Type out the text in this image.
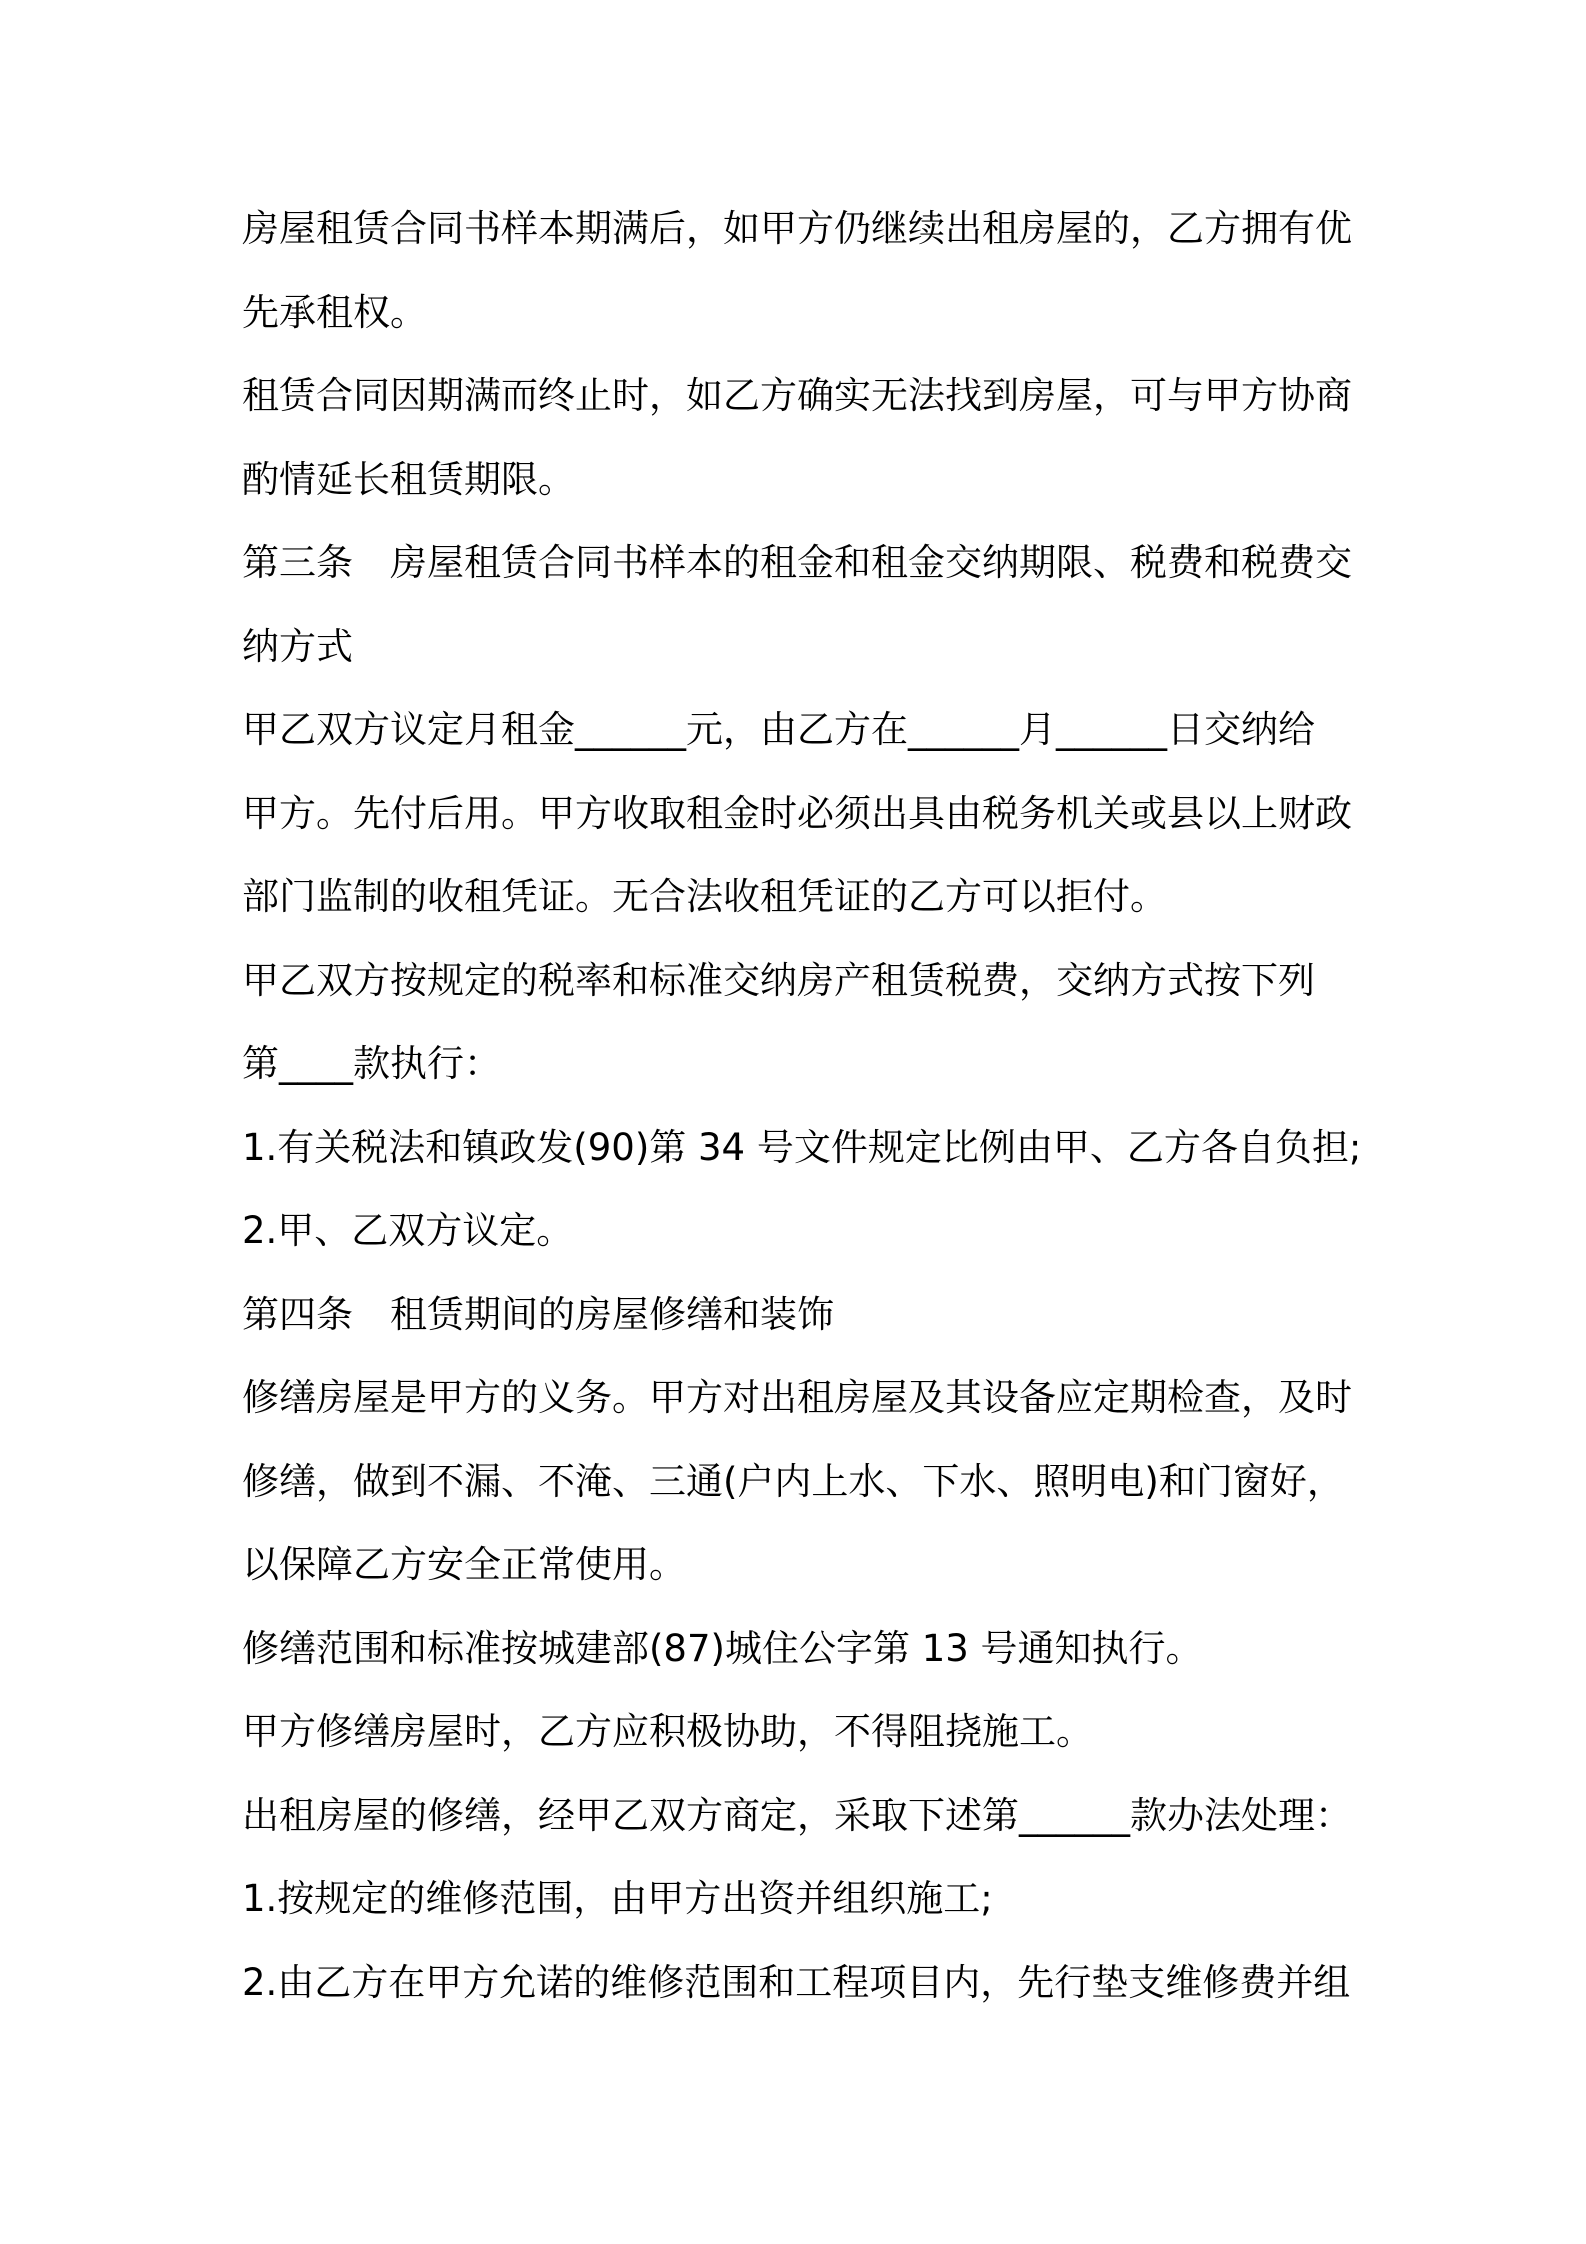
房屋租赁合同书样本期满后，如甲方仍继续出租房屋的，乙方拥有优
先承租权。
租赁合同因期满而终止时，如乙方确实无法找到房屋，可与甲方协商
酌情延长租赁期限。
第三条　房屋租赁合同书样本的租金和租金交纳期限、税费和税费交
纳方式
甲乙双方议定月租金______元，由乙方在______月______日交纳给
甲方。先付后用。甲方收取租金时必须出具由税务机关或县以上财政
部门监制的收租凭证。无合法收租凭证的乙方可以拒付。
甲乙双方按规定的税率和标准交纳房产租赁税费，交纳方式按下列
第____款执行：
1.有关税法和镇政发(90)第 34 号文件规定比例由甲、乙方各自负担;
2.甲、乙双方议定。
第四条　租赁期间的房屋修缮和装饰
修缮房屋是甲方的义务。甲方对出租房屋及其设备应定期检查，及时
修缮，做到不漏、不淹、三通(户内上水、下水、照明电)和门窗好，
以保障乙方安全正常使用。
修缮范围和标准按城建部(87)城住公字第 13 号通知执行。
甲方修缮房屋时，乙方应积极协助，不得阻挠施工。
出租房屋的修缮，经甲乙双方商定，采取下述第______款办法处理：
1.按规定的维修范围，由甲方出资并组织施工;
2.由乙方在甲方允诺的维修范围和工程项目内，先行垫支维修费并组
